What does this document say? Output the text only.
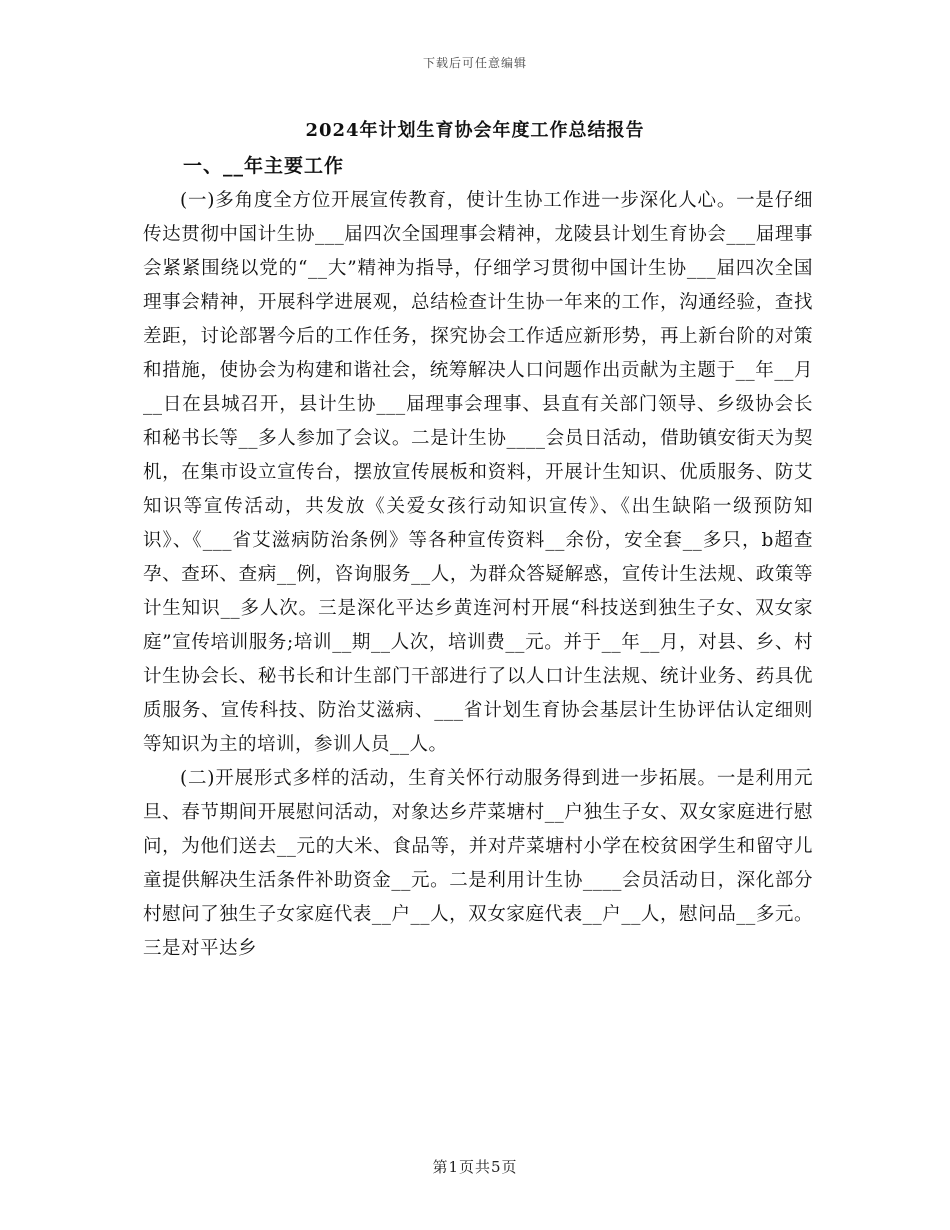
下载后可任意编辑
2024年计划生育协会年度工作总结报告
一、__年主要工作

(一)多角度全方位开展宣传教育，使计生协工作进一步深化人心。一是仔细传达贯彻中国计生协___届四次全国理事会精神，龙陵县计划生育协会___届理事会紧紧围绕以党的“__大”精神为指导，仔细学习贯彻中国计生协___届四次全国理事会精神，开展科学进展观，总结检查计生协一年来的工作，沟通经验，查找差距，讨论部署今后的工作任务，探究协会工作适应新形势，再上新台阶的对策和措施，使协会为构建和谐社会，统筹解决人口问题作出贡献为主题于__年__月__日在县城召开，县计生协___届理事会理事、县直有关部门领导、乡级协会长和秘书长等__多人参加了会议。二是计生协____会员日活动，借助镇安街天为契机，在集市设立宣传台，摆放宣传展板和资料，开展计生知识、优质服务、防艾知识等宣传活动，共发放《关爱女孩行动知识宣传》、《出生缺陷一级预防知识》、《___省艾滋病防治条例》等各种宣传资料__余份，安全套__多只，b超查孕、查环、查病__例，咨询服务__人，为群众答疑解惑，宣传计生法规、政策等计生知识__多人次。三是深化平达乡黄连河村开展“科技送到独生子女、双女家庭”宣传培训服务;培训__期__人次，培训费__元。并于__年__月，对县、乡、村计生协会长、秘书长和计生部门干部进行了以人口计生法规、统计业务、药具优质服务、宣传科技、防治艾滋病、___省计划生育协会基层计生协评估认定细则等知识为主的培训，参训人员__人。

(二)开展形式多样的活动，生育关怀行动服务得到进一步拓展。一是利用元旦、春节期间开展慰问活动，对象达乡芹菜塘村__户独生子女、双女家庭进行慰问，为他们送去__元的大米、食品等，并对芹菜塘村小学在校贫困学生和留守儿童提供解决生活条件补助资金__元。二是利用计生协____会员活动日，深化部分村慰问了独生子女家庭代表__户__人，双女家庭代表__户__人，慰问品__多元。三是对平达乡

第1页共5页
